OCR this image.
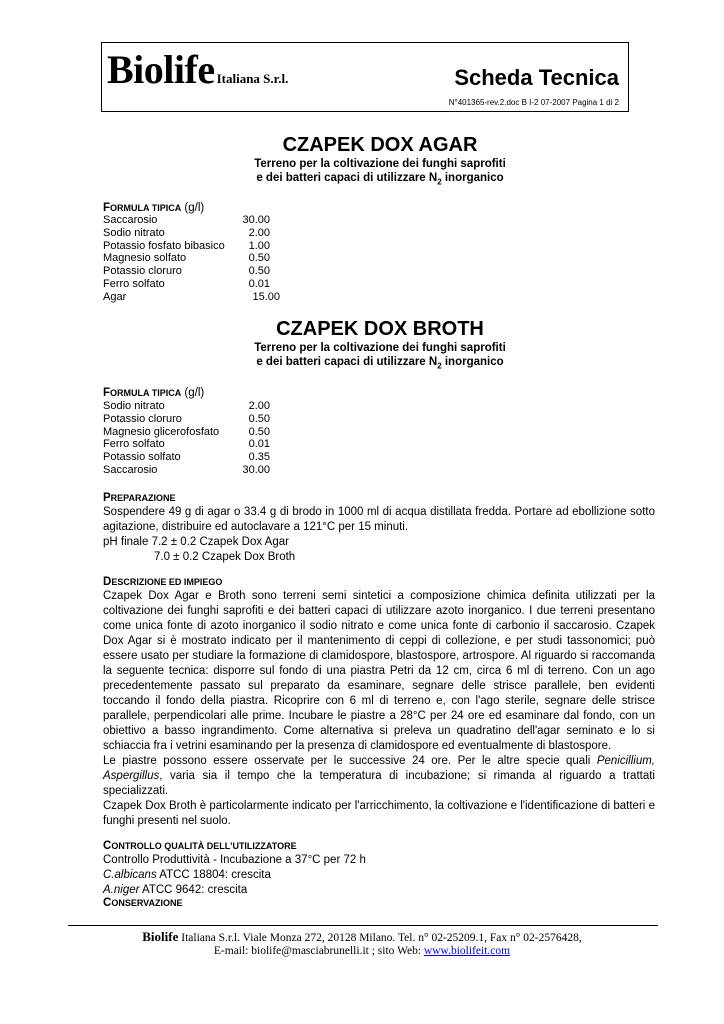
Biolife Italiana S.r.l.	Scheda Tecnica
N°401365-rev.2.doc B I-2 07-2007 Pagina 1 di 2
CZAPEK DOX AGAR
Terreno per la coltivazione dei funghi saprofiti
e dei batteri capaci di utilizzare $N_2$ inorganico
FORMULA TIPICA (g/l)
Saccarosio	30.00
Sodio nitrato	2.00
Potassio fosfato bibasico	1.00
Magnesio solfato	0.50
Potassio cloruro	0.50
Ferro solfato	0.01
Agar	15.00
CZAPEK DOX BROTH
Terreno per la coltivazione dei funghi saprofiti
e dei batteri capaci di utilizzare $N_2$ inorganico
FORMULA TIPICA (g/l)
Sodio nitrato	2.00
Potassio cloruro	0.50
Magnesio glicerofosfato	0.50
Ferro solfato	0.01
Potassio solfato	0.35
Saccarosio	30.00
PREPARAZIONE
Sospendere 49 g di agar o 33.4 g di brodo in 1000 ml di acqua distillata fredda. Portare ad ebollizione sotto agitazione, distribuire ed autoclavare a 121°C per 15 minuti.
pH finale 7.2 ± 0.2 Czapek Dox Agar
7.0 ± 0.2 Czapek Dox Broth
DESCRIZIONE ED IMPIEGO
Czapek Dox Agar e Broth sono terreni semi sintetici a composizione chimica definita utilizzati per la coltivazione dei funghi saprofiti e dei batteri capaci di utilizzare azoto inorganico. I due terreni presentano come unica fonte di azoto inorganico il sodio nitrato e come unica fonte di carbonio il saccarosio. Czapek Dox Agar si è mostrato indicato per il mantenimento di ceppi di collezione, e per studi tassonomici; può essere usato per studiare la formazione di clamidospore, blastospore, artrospore. Al riguardo si raccomanda la seguente tecnica: disporre sul fondo di una piastra Petri da 12 cm, circa 6 ml di terreno. Con un ago precedentemente passato sul preparato da esaminare, segnare delle strisce parallele, ben evidenti toccando il fondo della piastra. Ricoprire con 6 ml di terreno e, con l'ago sterile, segnare delle strisce parallele, perpendicolari alle prime. Incubare le piastre a 28°C per 24 ore ed esaminare dal fondo, con un obiettivo a basso ingrandimento. Come alternativa si preleva un quadratino dell'agar seminato e lo si schiaccia fra i vetrini esaminando per la presenza di clamidospore ed eventualmente di blastospore.
Le piastre possono essere osservate per le successive 24 ore. Per le altre specie quali Penicillium, Aspergillus, varia sia il tempo che la temperatura di incubazione; si rimanda al riguardo a trattati specializzati.
Czapek Dox Broth è particolarmente indicato per l'arricchimento, la coltivazione e l'identificazione di batteri e funghi presenti nel suolo.
CONTROLLO QUALITÀ DELL'UTILIZZATORE
Controllo Produttività - Incubazione a 37°C per 72 h
C.albicans ATCC 18804: crescita
A.niger ATCC 9642: crescita
CONSERVAZIONE
Biolife Italiana S.r.l. Viale Monza 272, 20128 Milano. Tel. n° 02-25209.1, Fax n° 02-2576428,
E-mail: biolife@masciabrunelli.it ; sito Web: www.biolifeit.com
